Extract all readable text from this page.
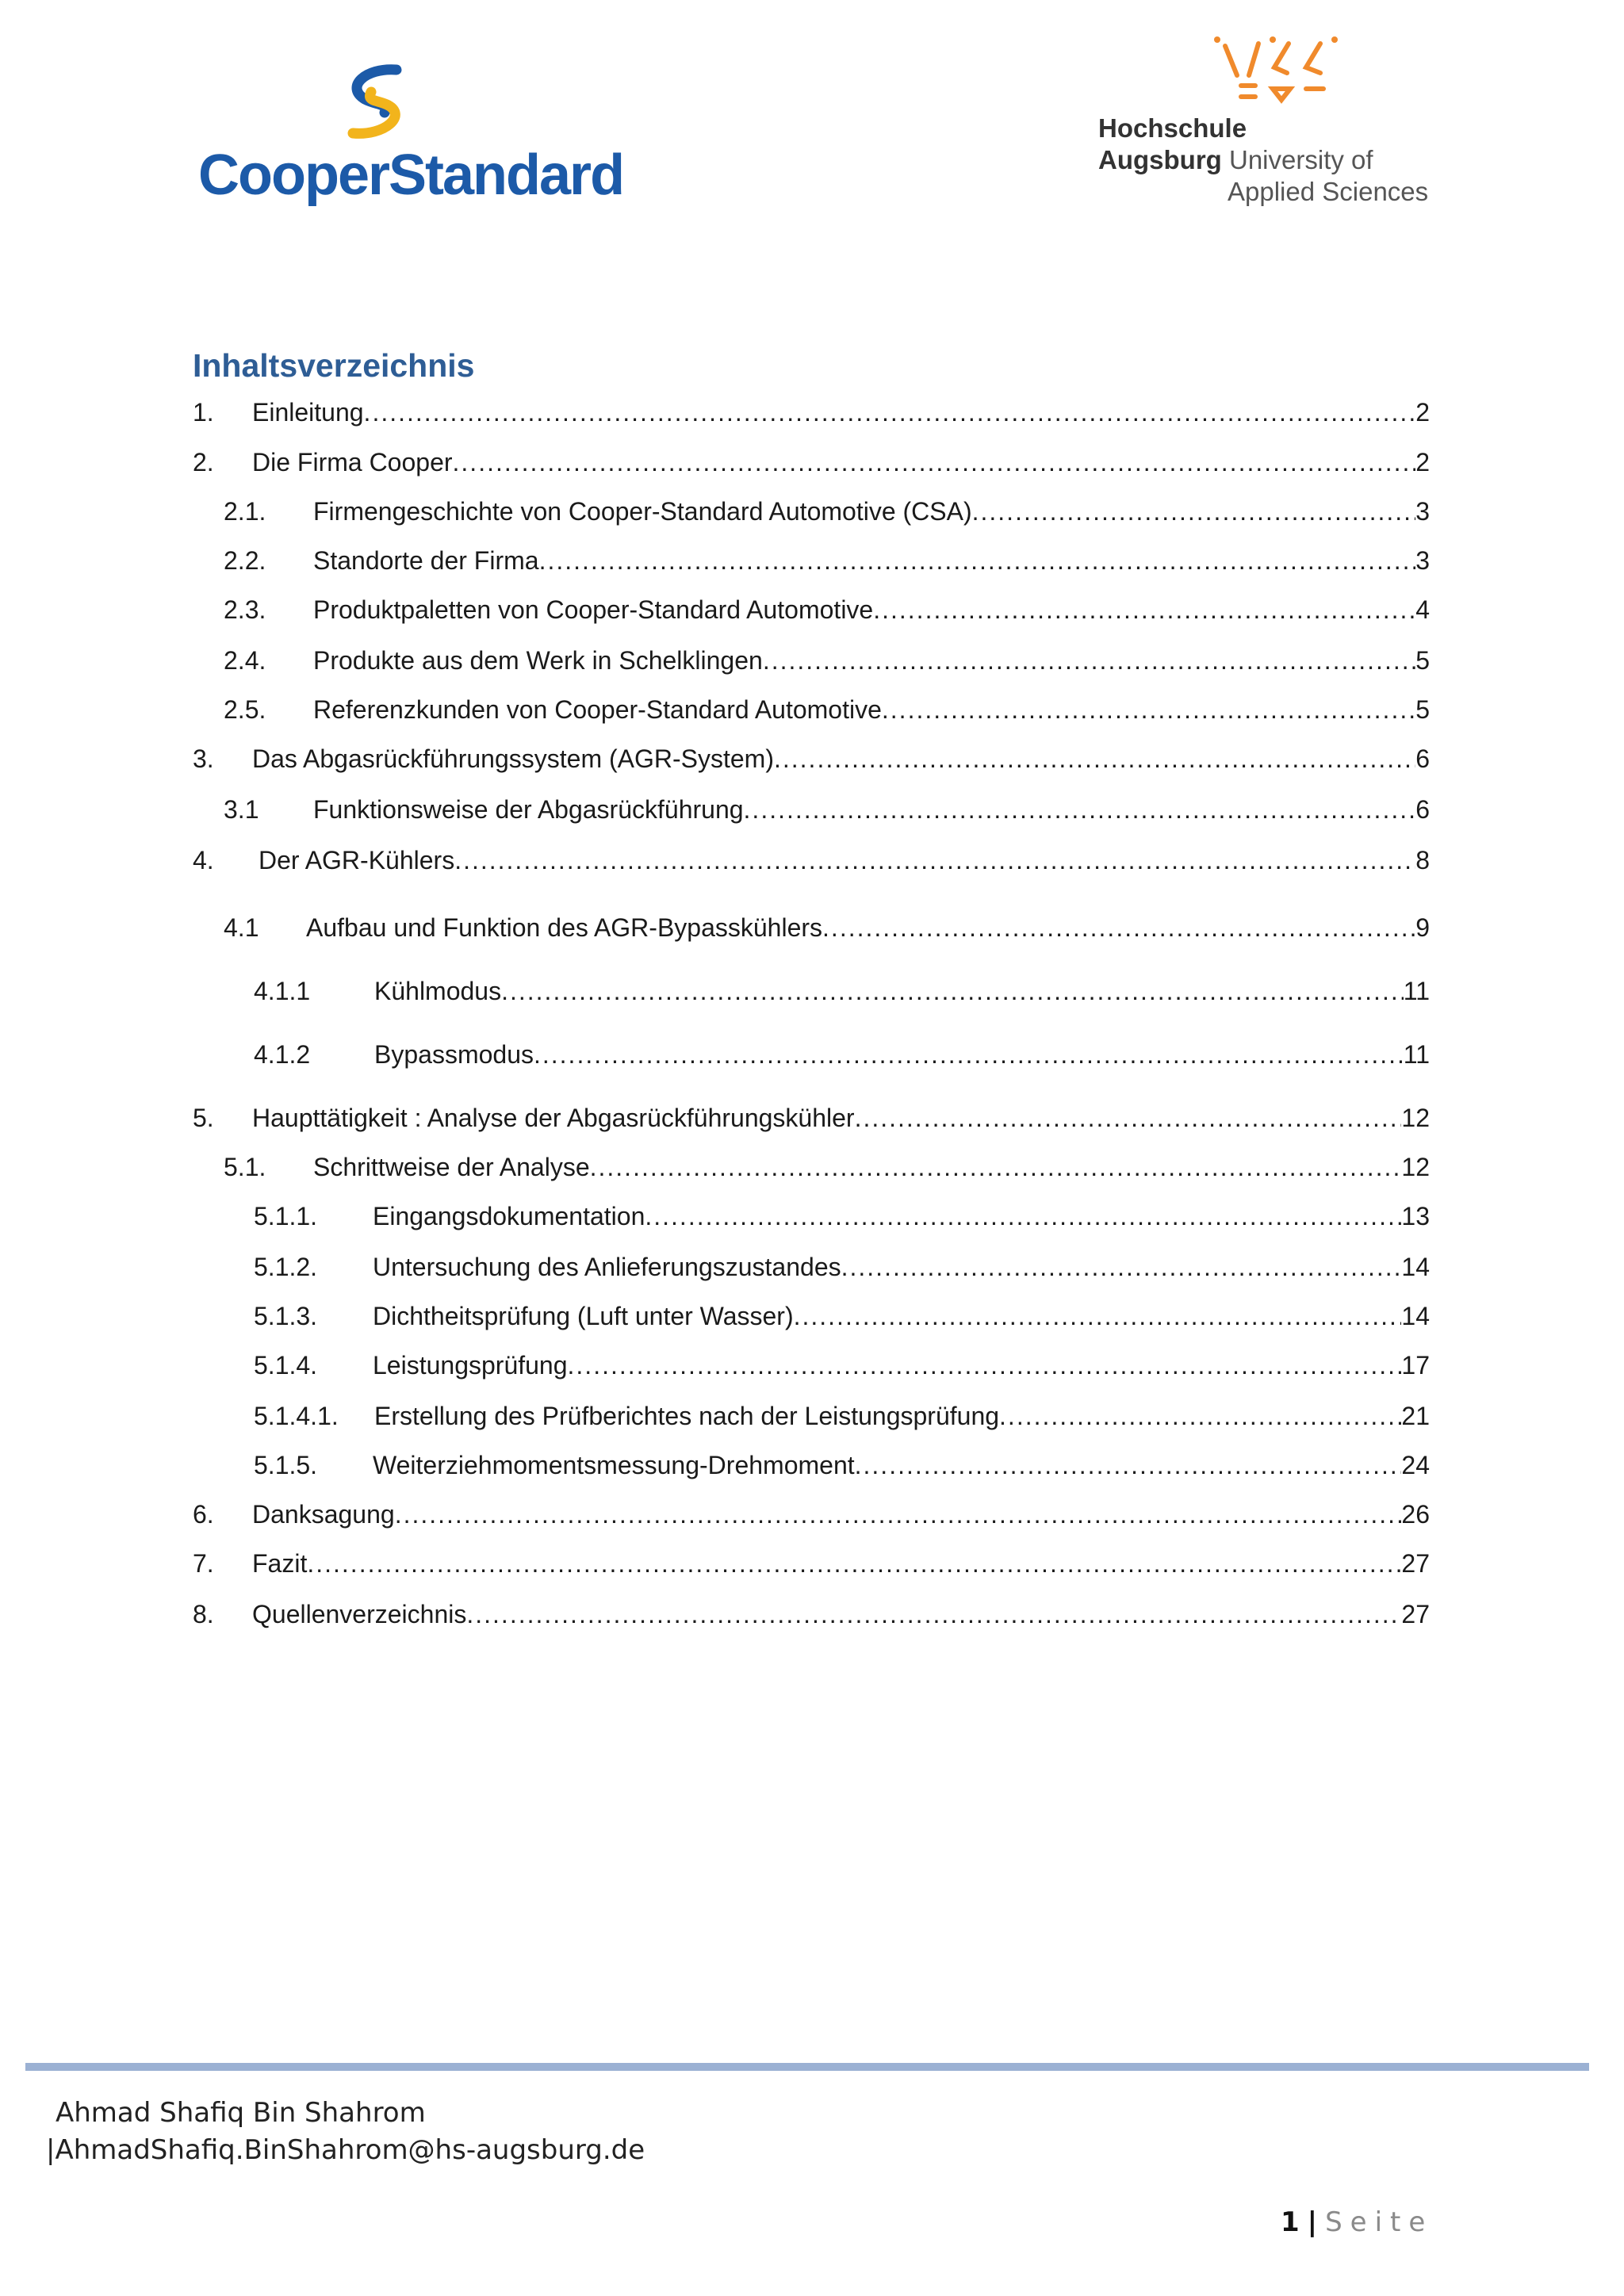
CooperStandard
Hochschule
Augsburg University of
Applied Sciences
Inhaltsverzeichnis
1.	Einleitung .....	2
2.	Die Firma Cooper .....	2
2.1.	Firmengeschichte von Cooper-Standard Automotive (CSA) .....	3
2.2.	Standorte der Firma .....	3
2.3.	Produktpaletten von Cooper-Standard Automotive .....	4
2.4.	Produkte aus dem Werk in Schelklingen .....	5
2.5.	Referenzkunden von Cooper-Standard Automotive .....	5
3.	Das Abgasrückführungssystem (AGR-System) .....	6
3.1	Funktionsweise der Abgasrückführung .....	6
4.	Der AGR-Kühlers .....	8
4.1	Aufbau und Funktion des AGR-Bypasskühlers .....	9
4.1.1	Kühlmodus .....	11
4.1.2	Bypassmodus .....	11
5.	Haupttätigkeit : Analyse der Abgasrückführungskühler .....	12
5.1.	Schrittweise der Analyse .....	12
5.1.1.	Eingangsdokumentation .....	13
5.1.2.	Untersuchung des Anlieferungszustandes .....	14
5.1.3.	Dichtheitsprüfung (Luft unter Wasser) .....	14
5.1.4.	Leistungsprüfung .....	17
5.1.4.1.	Erstellung des Prüfberichtes nach der Leistungsprüfung .....	21
5.1.5.	Weiterziehmomentsmessung-Drehmoment .....	24
6.	Danksagung .....	26
7.	Fazit .....	27
8.	Quellenverzeichnis .....	27
Ahmad Shafiq Bin Shahrom
|AhmadShafiq.BinShahrom@hs-augsburg.de
1 | Seite
